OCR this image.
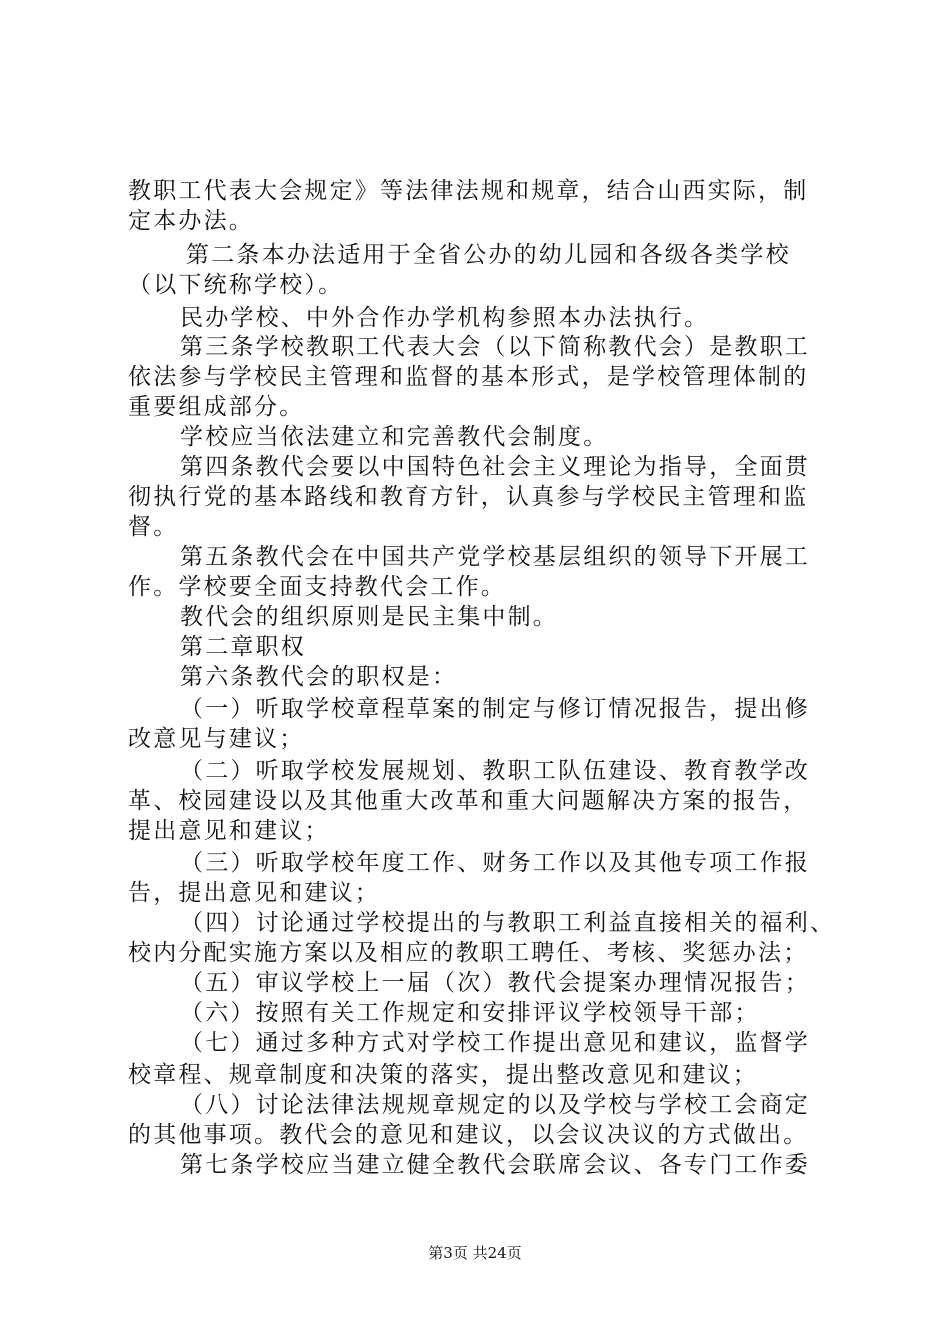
教职工代表大会规定》等法律法规和规章，结合山西实际，制
定本办法。
第二条本办法适用于全省公办的幼儿园和各级各类学校
（以下统称学校）。
民办学校、中外合作办学机构参照本办法执行。
第三条学校教职工代表大会（以下简称教代会）是教职工
依法参与学校民主管理和监督的基本形式，是学校管理体制的
重要组成部分。
学校应当依法建立和完善教代会制度。
第四条教代会要以中国特色社会主义理论为指导，全面贯
彻执行党的基本路线和教育方针，认真参与学校民主管理和监
督。
第五条教代会在中国共产党学校基层组织的领导下开展工
作。学校要全面支持教代会工作。
教代会的组织原则是民主集中制。
第二章职权
第六条教代会的职权是：
（一）听取学校章程草案的制定与修订情况报告，提出修
改意见与建议；
（二）听取学校发展规划、教职工队伍建设、教育教学改
革、校园建设以及其他重大改革和重大问题解决方案的报告，
提出意见和建议；
（三）听取学校年度工作、财务工作以及其他专项工作报
告，提出意见和建议；
（四）讨论通过学校提出的与教职工利益直接相关的福利、
校内分配实施方案以及相应的教职工聘任、考核、奖惩办法；
（五）审议学校上一届（次）教代会提案办理情况报告；
（六）按照有关工作规定和安排评议学校领导干部；
（七）通过多种方式对学校工作提出意见和建议，监督学
校章程、规章制度和决策的落实，提出整改意见和建议；
（八）讨论法律法规规章规定的以及学校与学校工会商定
的其他事项。教代会的意见和建议，以会议决议的方式做出。
第七条学校应当建立健全教代会联席会议、各专门工作委
第3页 共24页
